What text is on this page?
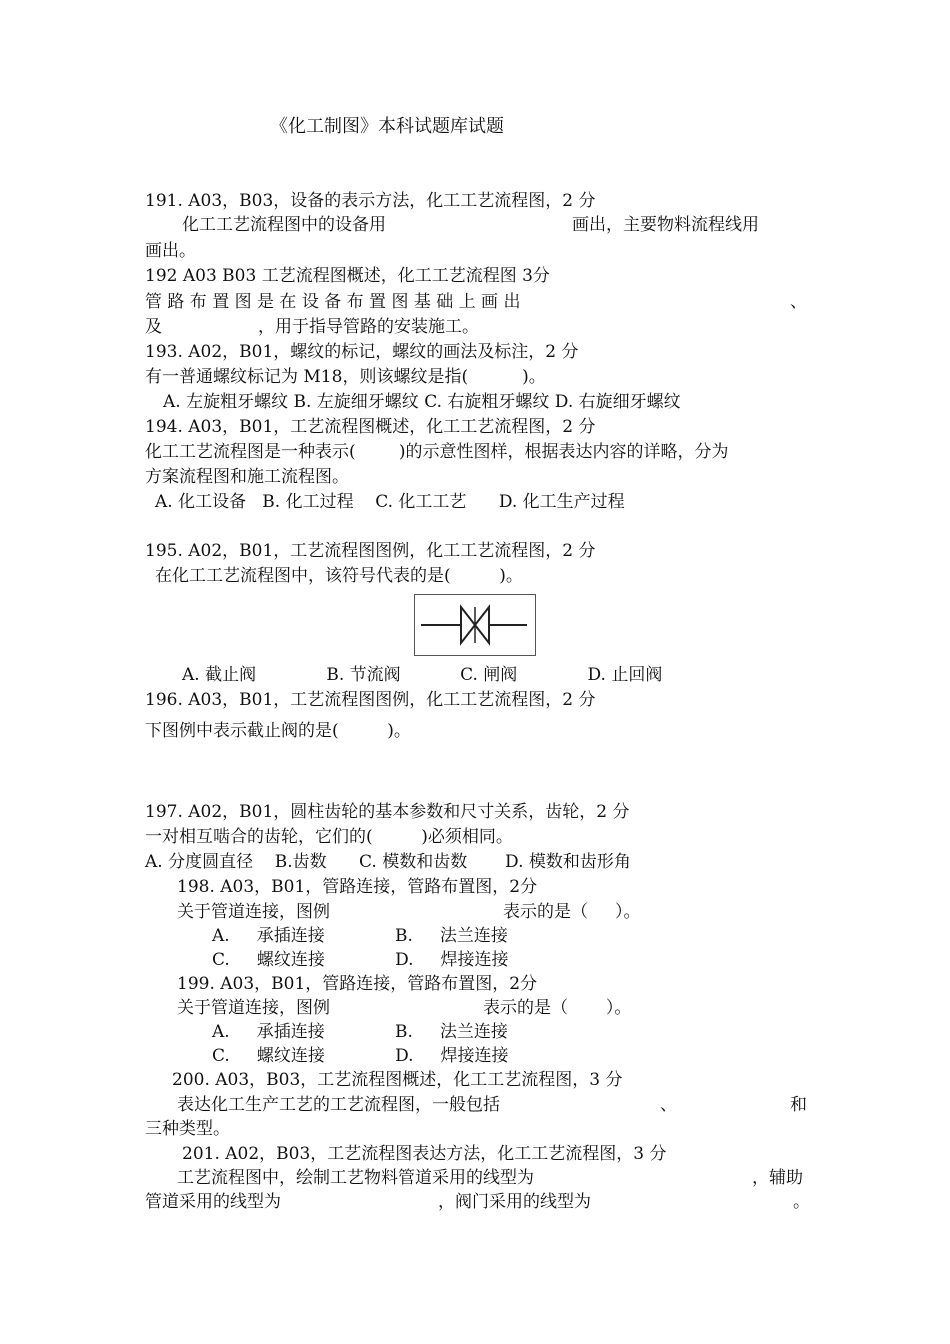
《化工制图》本科试题库试题
191. A03，B03，设备的表示方法，化工工艺流程图，2 分
化工工艺流程图中的设备用	画出，主要物料流程线用
画出。
192 A03 B03 工艺流程图概述，化工工艺流程图 3分
管 路 布 置 图 是 在 设 备 布 置 图 基 础 上 画 出	、
及	，用于指导管路的安装施工。
193. A02，B01，螺纹的标记，螺纹的画法及标注，2 分
有一普通螺纹标记为 M18，则该螺纹是指(          )。
A. 左旋粗牙螺纹 B. 左旋细牙螺纹 C. 右旋粗牙螺纹 D. 右旋细牙螺纹
194. A03，B01，工艺流程图概述，化工工艺流程图，2 分
化工工艺流程图是一种表示(        )的示意性图样，根据表达内容的详略，分为
方案流程图和施工流程图。
A. 化工设备   B. 化工过程    C. 化工工艺      D. 化工生产过程
195. A02，B01，工艺流程图图例，化工工艺流程图，2 分
在化工工艺流程图中，该符号代表的是(         )。
A. 截止阀             B. 节流阀           C. 闸阀             D. 止回阀
196. A03，B01，工艺流程图图例，化工工艺流程图，2 分
下图例中表示截止阀的是(         )。
197. A02，B01，圆柱齿轮的基本参数和尺寸关系，齿轮，2 分
一对相互啮合的齿轮，它们的(         )必须相同。
A. 分度圆直径    B.齿数      C. 模数和齿数       D. 模数和齿形角
198. A03，B01，管路连接，管路布置图，2分
关于管道连接，图例	表示的是（     ）。
A.     承插连接             B.     法兰连接
C.     螺纹连接             D.     焊接连接
199. A03，B01，管路连接，管路布置图，2分
关于管道连接，图例	表示的是（       ）。
A.     承插连接             B.     法兰连接
C.     螺纹连接             D.     焊接连接
200. A03，B03，工艺流程图概述，化工工艺流程图，3 分
表达化工生产工艺的工艺流程图，一般包括	、	和
三种类型。
201. A02，B03，工艺流程图表达方法，化工工艺流程图，3 分
工艺流程图中，绘制工艺物料管道采用的线型为	，辅助
管道采用的线型为	，阀门采用的线型为	。
